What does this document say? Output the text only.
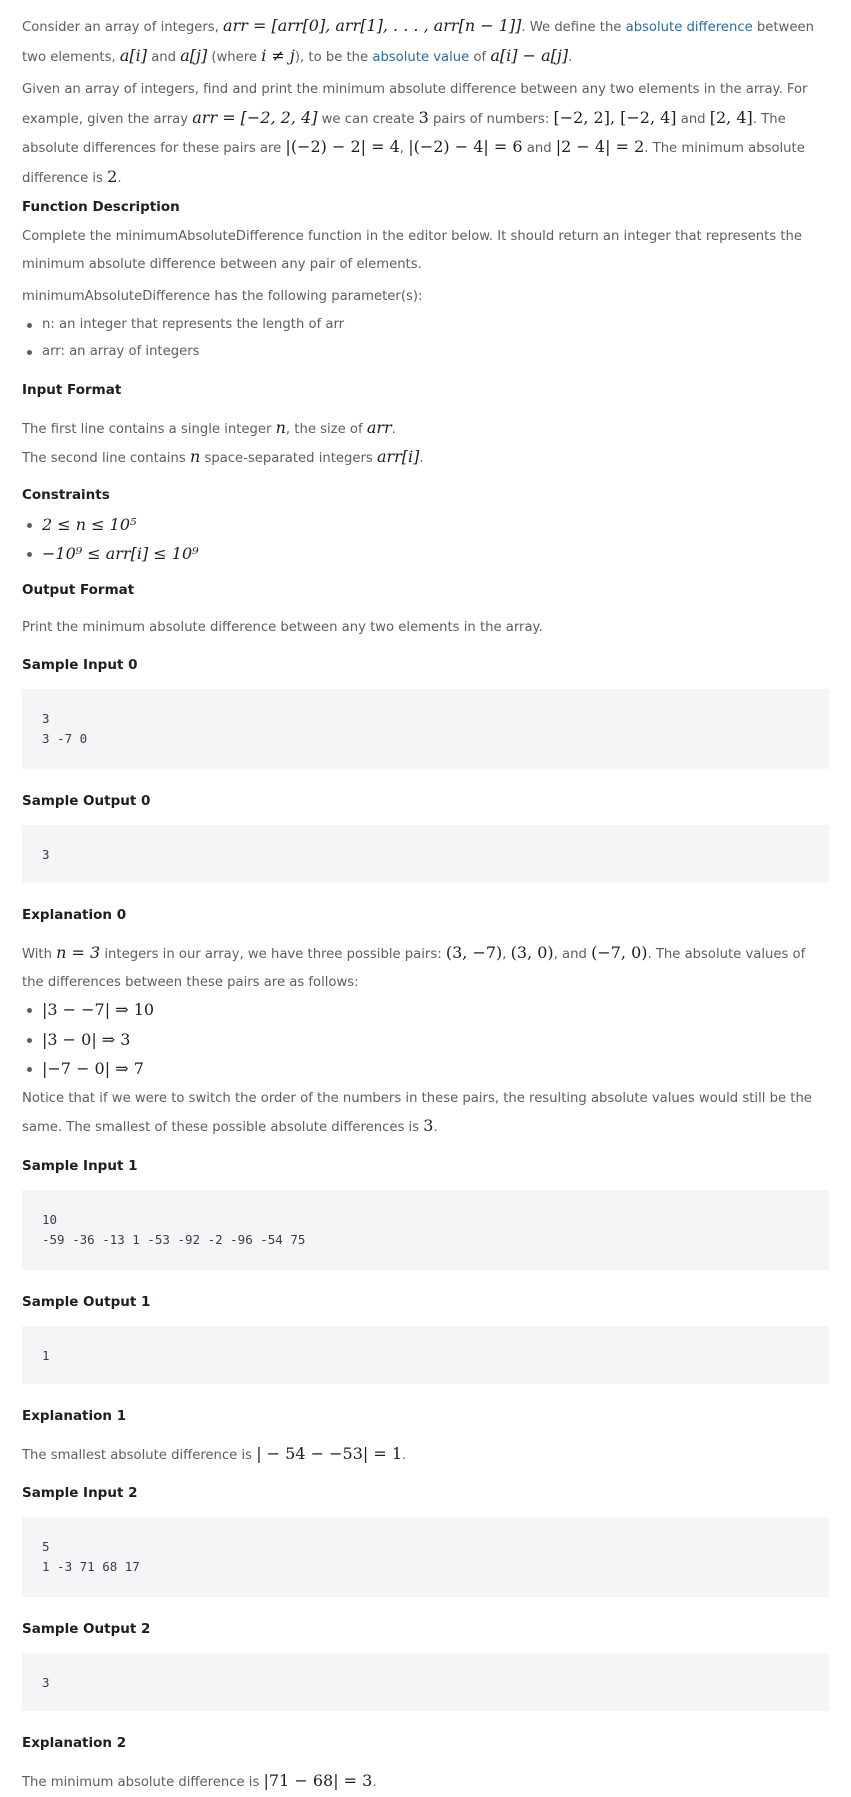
Consider an array of integers, arr = [arr[0], arr[1], . . . , arr[n − 1]]. We define the absolute difference between two elements, a[i] and a[j] (where i ≠ j), to be the absolute value of a[i] − a[j].

Given an array of integers, find and print the minimum absolute difference between any two elements in the array. For example, given the array arr = [−2, 2, 4] we can create 3 pairs of numbers: [−2, 2], [−2, 4] and [2, 4]. The absolute differences for these pairs are |(−2) − 2| = 4, |(−2) − 4| = 6 and |2 − 4| = 2. The minimum absolute difference is 2.

Function Description

Complete the minimumAbsoluteDifference function in the editor below. It should return an integer that represents the minimum absolute difference between any pair of elements.

minimumAbsoluteDifference has the following parameter(s):

n: an integer that represents the length of arr
arr: an array of integers
Input Format
The first line contains a single integer n, the size of arr.
The second line contains n space-separated integers arr[i].
Constraints
2 ≤ n ≤ 10⁵
−10⁹ ≤ arr[i] ≤ 10⁹
Output Format

Print the minimum absolute difference between any two elements in the array.

Sample Input 0
3
3 -7 0
Sample Output 0
3
Explanation 0

With n = 3 integers in our array, we have three possible pairs: (3, −7), (3, 0), and (−7, 0). The absolute values of the differences between these pairs are as follows:

|3 − −7| ⇒ 10
|3 − 0| ⇒ 3
|−7 − 0| ⇒ 7

Notice that if we were to switch the order of the numbers in these pairs, the resulting absolute values would still be the same. The smallest of these possible absolute differences is 3.

Sample Input 1
10
-59 -36 -13 1 -53 -92 -2 -96 -54 75
Sample Output 1
1
Explanation 1

The smallest absolute difference is | − 54 − −53| = 1.

Sample Input 2
5
1 -3 71 68 17
Sample Output 2
3
Explanation 2

The minimum absolute difference is |71 − 68| = 3.
